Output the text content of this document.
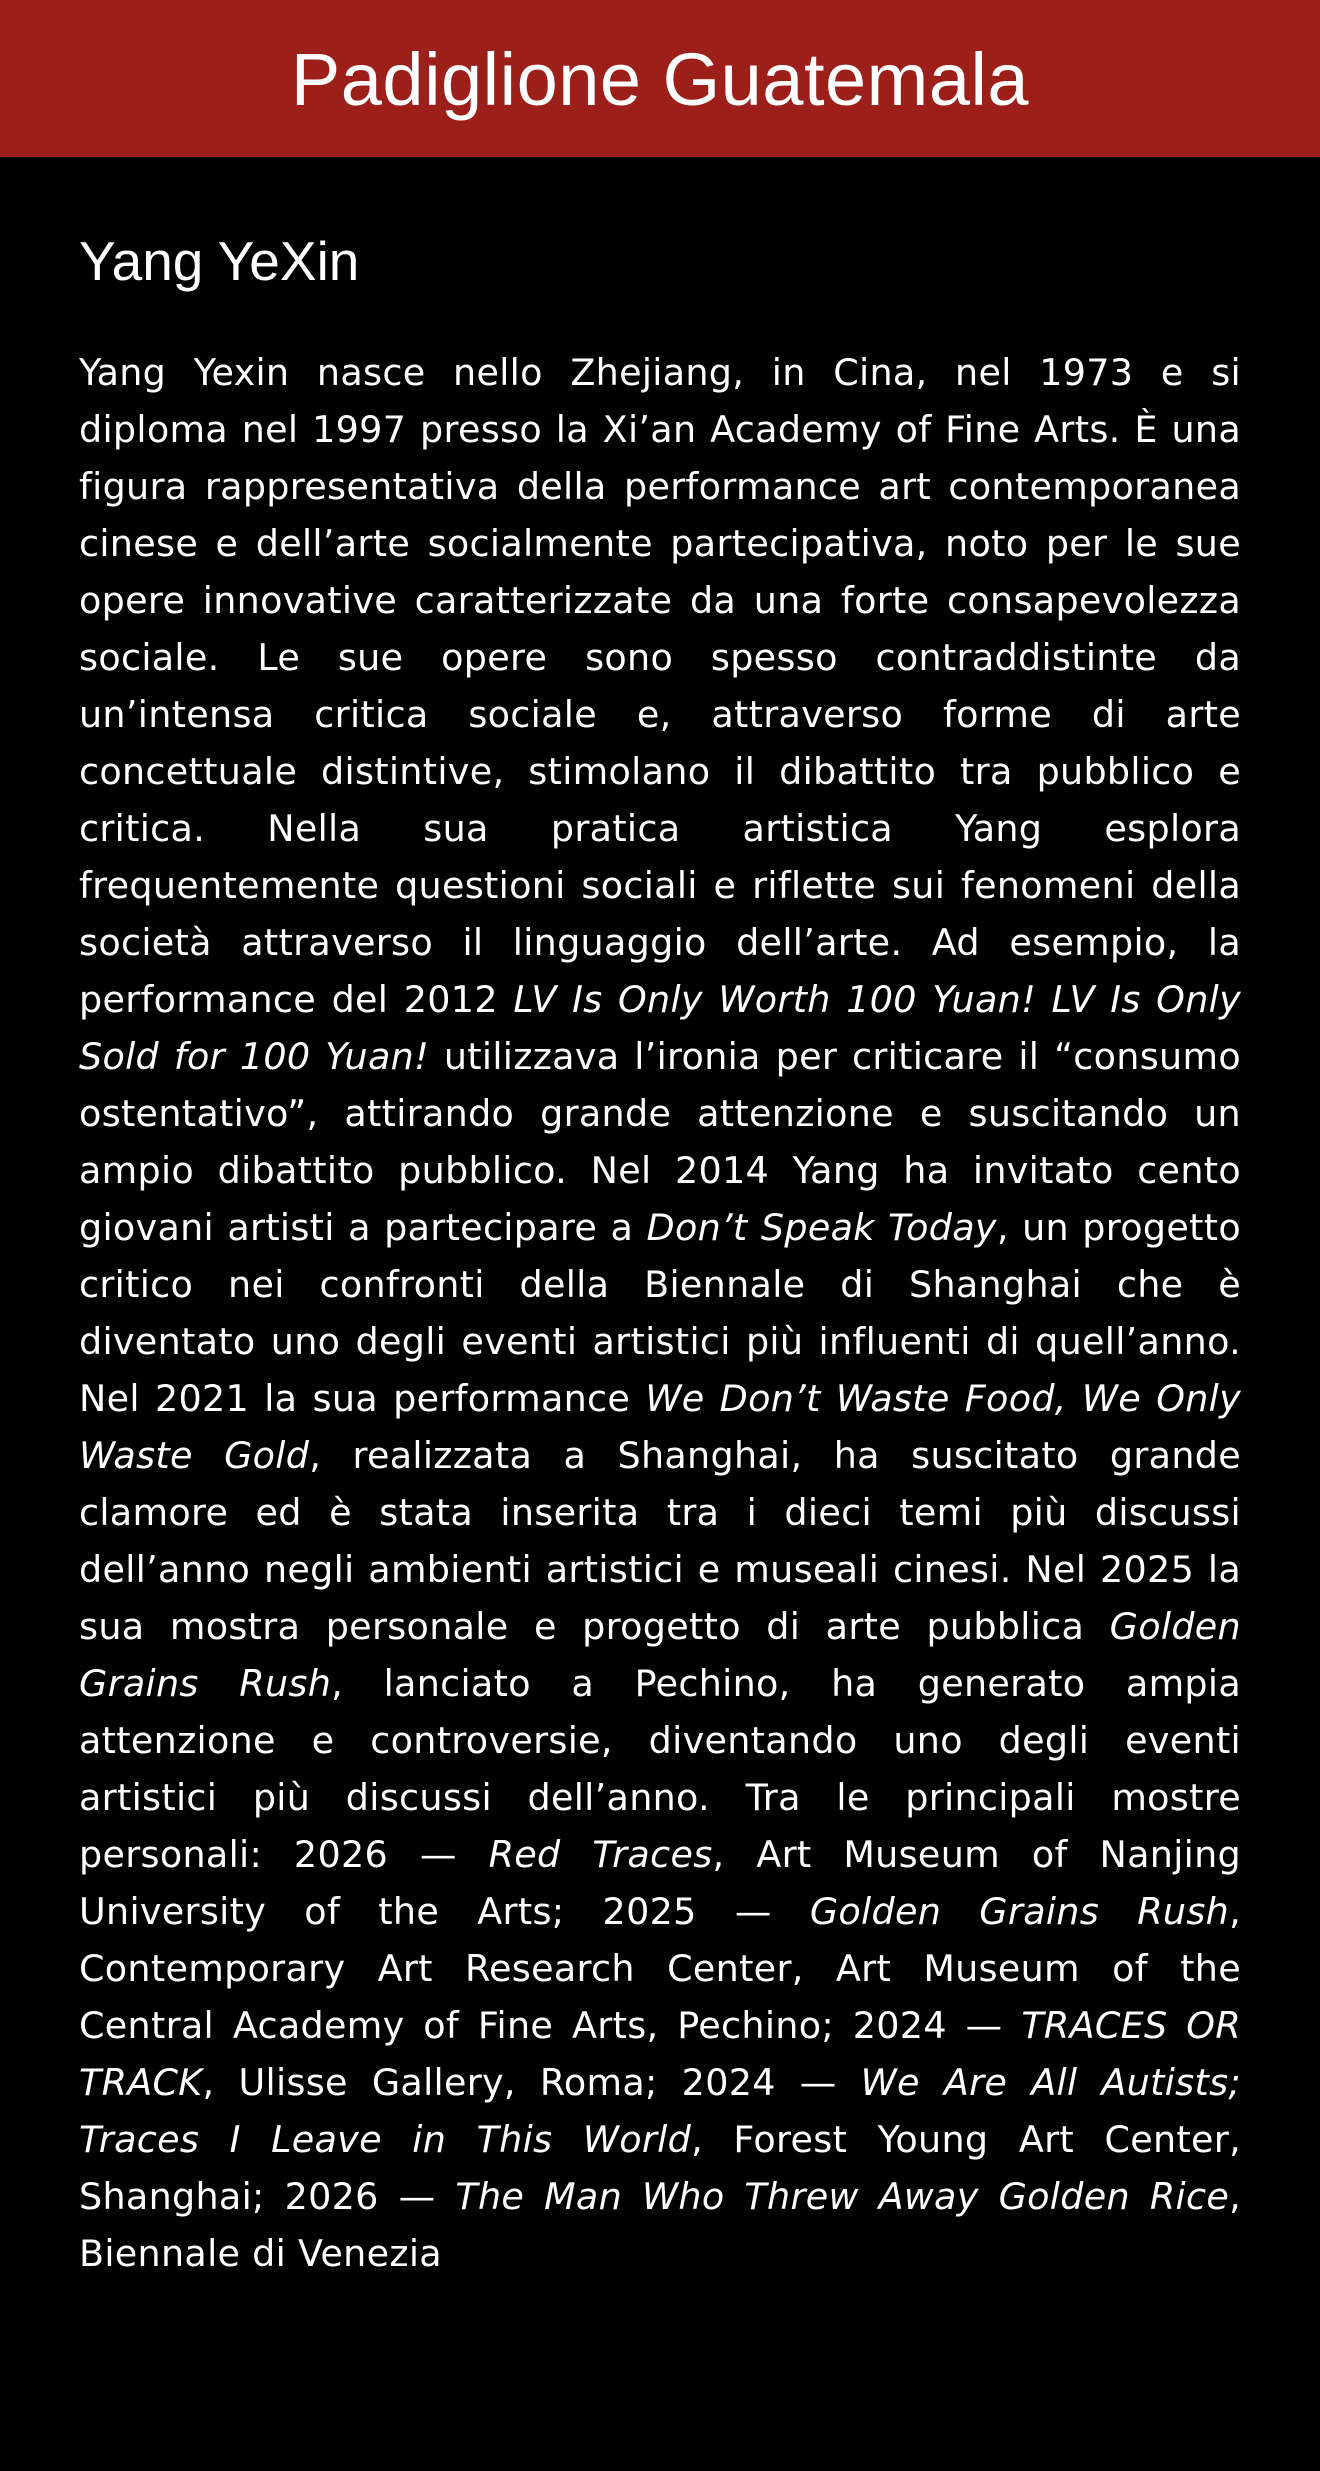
Padiglione Guatemala
Yang YeXin

Yang Yexin nasce nello Zhejiang, in Cina, nel 1973 e si diploma nel 1997 presso la Xi’an Academy of Fine Arts. È una figura rappresentativa della performance art contemporanea cinese e dell’arte socialmente partecipativa, noto per le sue opere innovative caratterizzate da una forte consapevolezza sociale. Le sue opere sono spesso contraddistinte da un’intensa critica sociale e, attraverso forme di arte concettuale distintive, stimolano il dibattito tra pubblico e critica. Nella sua pratica artistica Yang esplora frequentemente questioni sociali e riflette sui fenomeni della società attraverso il linguaggio dell’arte. Ad esempio, la performance del 2012 LV Is Only Worth 100 Yuan! LV Is Only Sold for 100 Yuan! utilizzava l’ironia per criticare il “consumo ostentativo”, attirando grande attenzione e suscitando un ampio dibattito pubblico. Nel 2014 Yang ha invitato cento giovani artisti a partecipare a Don’t Speak Today, un progetto critico nei confronti della Biennale di Shanghai che è diventato uno degli eventi artistici più influenti di quell’anno. Nel 2021 la sua performance We Don’t Waste Food, We Only Waste Gold, realizzata a Shanghai, ha suscitato grande clamore ed è stata inserita tra i dieci temi più discussi dell’anno negli ambienti artistici e museali cinesi. Nel 2025 la sua mostra personale e progetto di arte pubblica Golden Grains Rush, lanciato a Pechino, ha generato ampia attenzione e controversie, diventando uno degli eventi artistici più discussi dell’anno. Tra le principali mostre personali: 2026 — Red Traces, Art Museum of Nanjing University of the Arts; 2025 — Golden Grains Rush, Contemporary Art Research Center, Art Museum of the Central Academy of Fine Arts, Pechino; 2024 — TRACES OR TRACK, Ulisse Gallery, Roma; 2024 — We Are All Autists; Traces I Leave in This World, Forest Young Art Center, Shanghai; 2026 — The Man Who Threw Away Golden Rice, Biennale di Venezia
